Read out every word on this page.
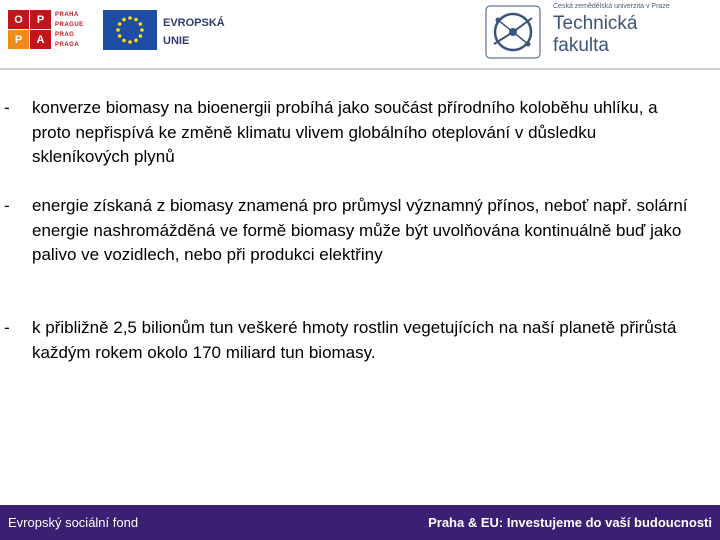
O	P
P	A
PRAHA
PRAGUE
PRAG
PRAGA
EVROPSKÁ
UNIE
Česká zemědělská univerzita v Praze
Technická
fakulta
- konverze biomasy na bioenergii probíhá jako součást přírodního koloběhu uhlíku, a proto nepřispívá ke změně klimatu vlivem globálního oteplování v důsledku skleníkových plynů
- energie získaná z biomasy znamená pro průmysl významný přínos, neboť např. solární energie nashromážděná ve formě biomasy může být uvolňována kontinuálně buď jako palivo ve vozidlech, nebo při produkci elektřiny
- k přibližně 2,5 bilionům tun veškeré hmoty rostlin vegetujících na naší planetě přirůstá každým rokem okolo 170 miliard tun biomasy.
Evropský sociální fond	Praha & EU: Investujeme do vaší budoucnosti
